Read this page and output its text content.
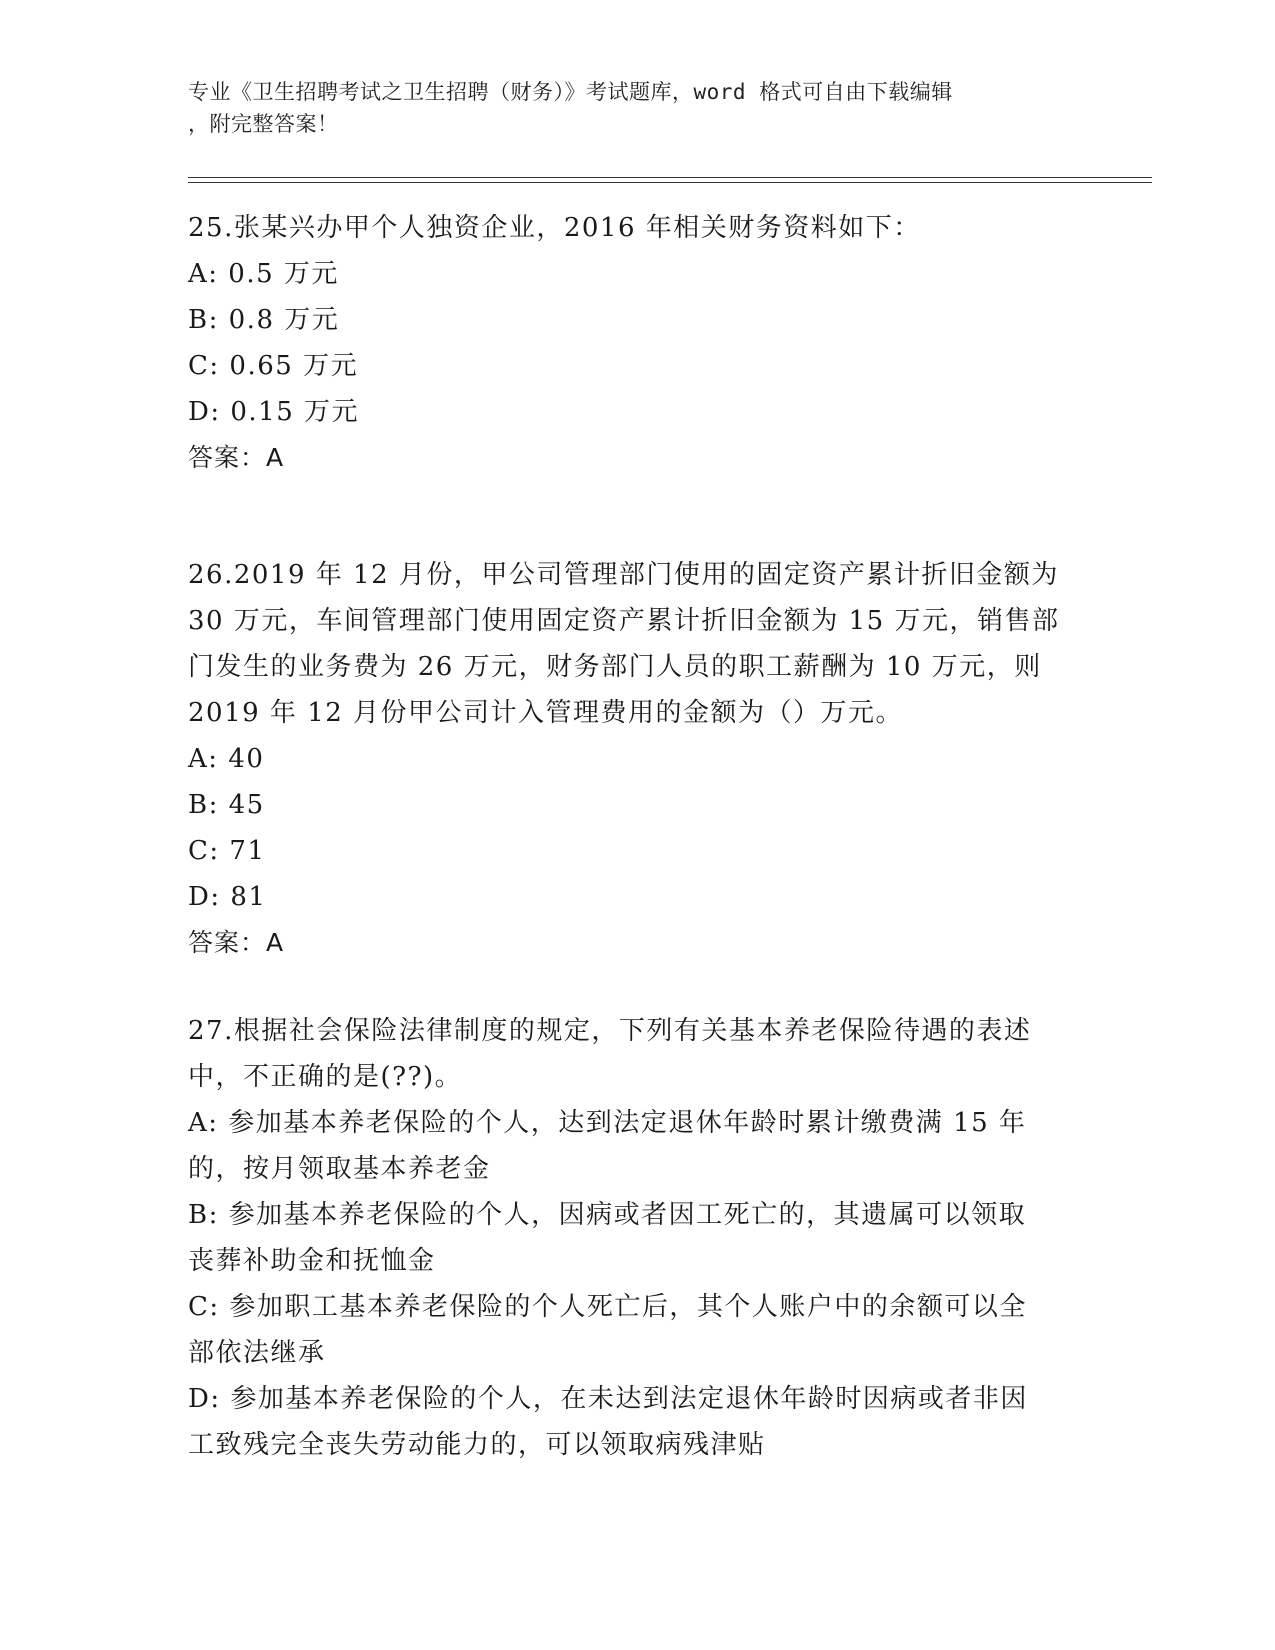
专业《卫生招聘考试之卫生招聘（财务）》考试题库，word 格式可自由下载编辑
，附完整答案！
25.张某兴办甲个人独资企业，2016 年相关财务资料如下：
A: 0.5 万元
B: 0.8 万元
C: 0.65 万元
D: 0.15 万元
答案：A
26.2019 年 12 月份，甲公司管理部门使用的固定资产累计折旧金额为
30 万元，车间管理部门使用固定资产累计折旧金额为 15 万元，销售部
门发生的业务费为 26 万元，财务部门人员的职工薪酬为 10 万元，则
2019 年 12 月份甲公司计入管理费用的金额为（）万元。
A: 40
B: 45
C: 71
D: 81
答案：A
27.根据社会保险法律制度的规定，下列有关基本养老保险待遇的表述
中，不正确的是(??)。
A: 参加基本养老保险的个人，达到法定退休年龄时累计缴费满 15 年
的，按月领取基本养老金
B: 参加基本养老保险的个人，因病或者因工死亡的，其遗属可以领取
丧葬补助金和抚恤金
C: 参加职工基本养老保险的个人死亡后，其个人账户中的余额可以全
部依法继承
D: 参加基本养老保险的个人，在未达到法定退休年龄时因病或者非因
工致残完全丧失劳动能力的，可以领取病残津贴
